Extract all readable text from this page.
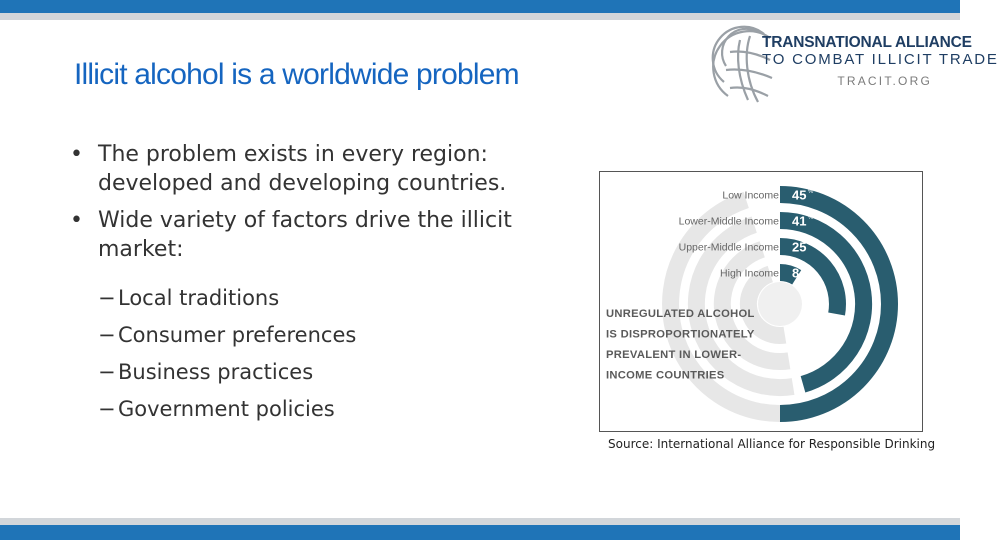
Illicit alcohol is a worldwide problem
TRANSNATIONAL ALLIANCE
TO COMBAT ILLICIT TRADE
TRACIT.ORG
• The problem exists in every region: developed and developing countries.
• Wide variety of factors drive the illicit market:
− Local traditions
− Consumer preferences
− Business practices
− Government policies
Low Income 45 %
Lower-Middle Income 41 %
Upper-Middle Income 25 %
High Income 8 %
UNREGULATED ALCOHOL
IS DISPROPORTIONATELY
PREVALENT IN LOWER-
INCOME COUNTRIES
Source: International Alliance for Responsible Drinking
